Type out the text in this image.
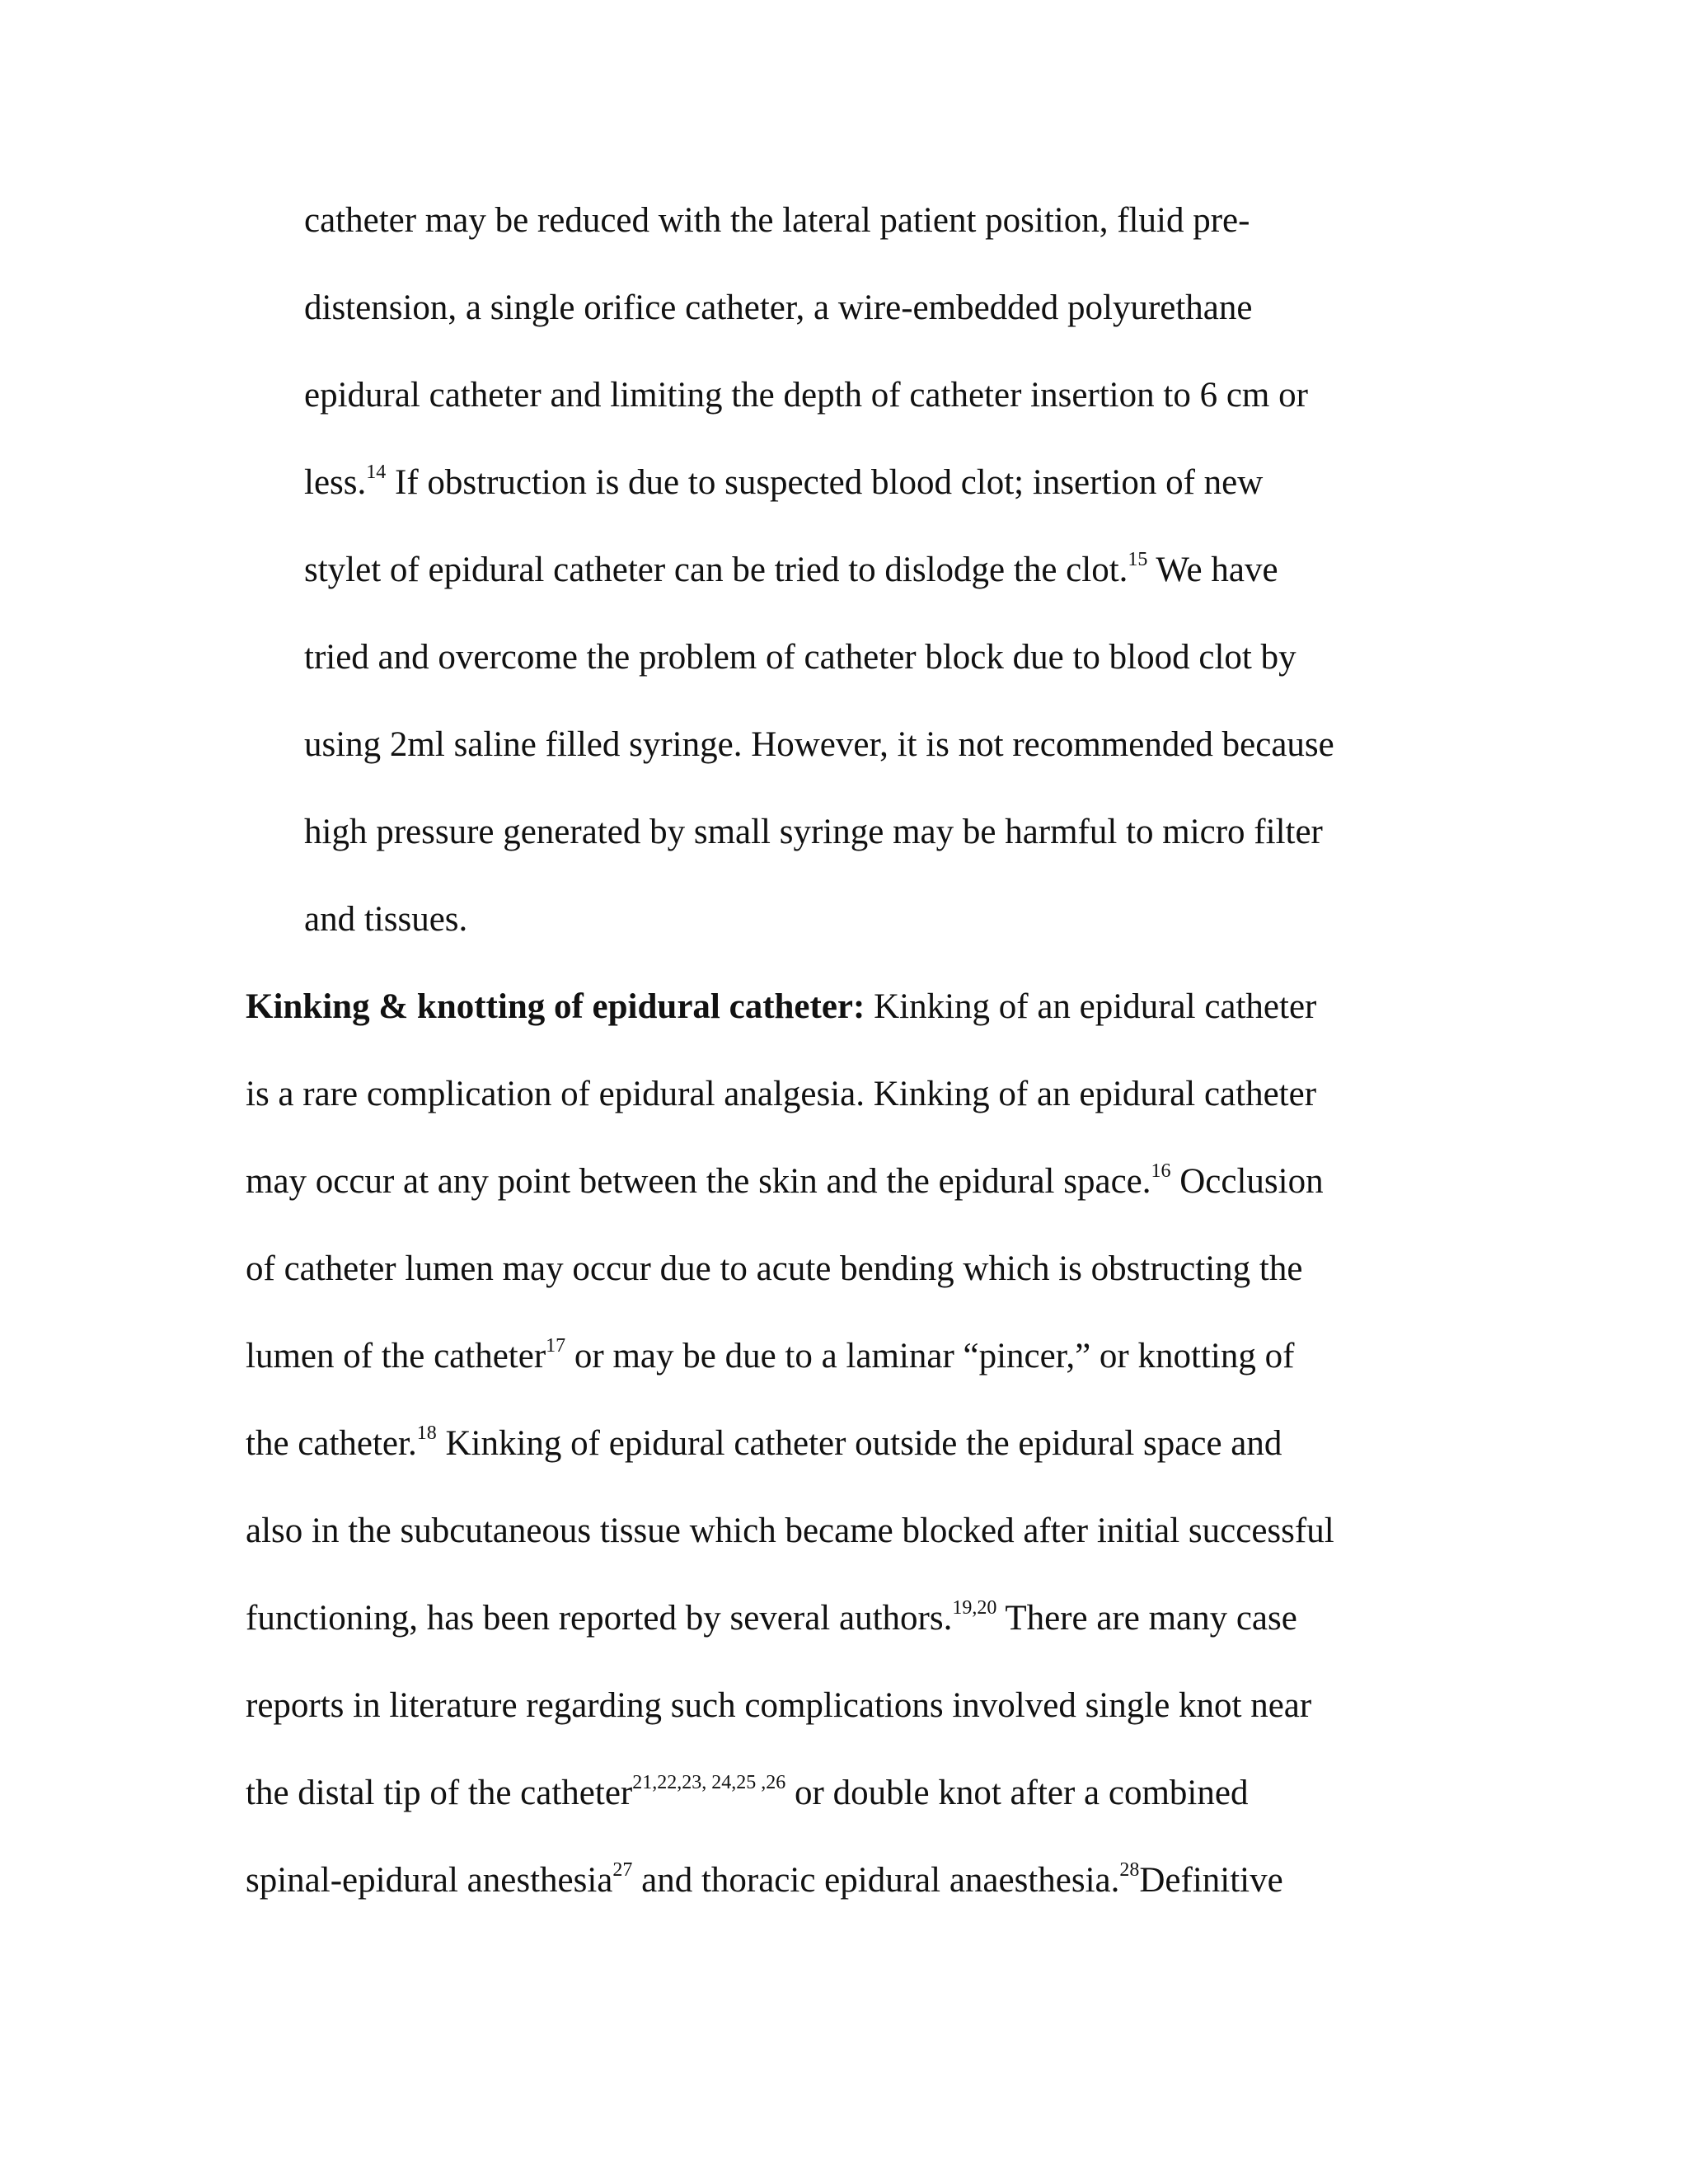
catheter may be reduced with the lateral patient position, fluid pre-
distension, a single orifice catheter, a wire-embedded polyurethane
epidural catheter and limiting the depth of catheter insertion to 6 cm or
less.$^{14}$ If obstruction is due to suspected blood clot; insertion of new
stylet of epidural catheter can be tried to dislodge the clot.$^{15}$ We have
tried and overcome the problem of catheter block due to blood clot by
using 2ml saline filled syringe. However, it is not recommended because
high pressure generated by small syringe may be harmful to micro filter
and tissues.
Kinking & knotting of epidural catheter: Kinking of an epidural catheter
is a rare complication of epidural analgesia. Kinking of an epidural catheter
may occur at any point between the skin and the epidural space.$^{16}$ Occlusion
of catheter lumen may occur due to acute bending which is obstructing the
lumen of the catheter$^{17}$ or may be due to a laminar “pincer,” or knotting of
the catheter.$^{18}$ Kinking of epidural catheter outside the epidural space and
also in the subcutaneous tissue which became blocked after initial successful
functioning, has been reported by several authors.$^{19,20}$ There are many case
reports in literature regarding such complications involved single knot near
the distal tip of the catheter$^{21,22,23, 24,25 ,26}$ or double knot after a combined
spinal-epidural anesthesia$^{27}$ and thoracic epidural anaesthesia.$^{28}$Definitive
